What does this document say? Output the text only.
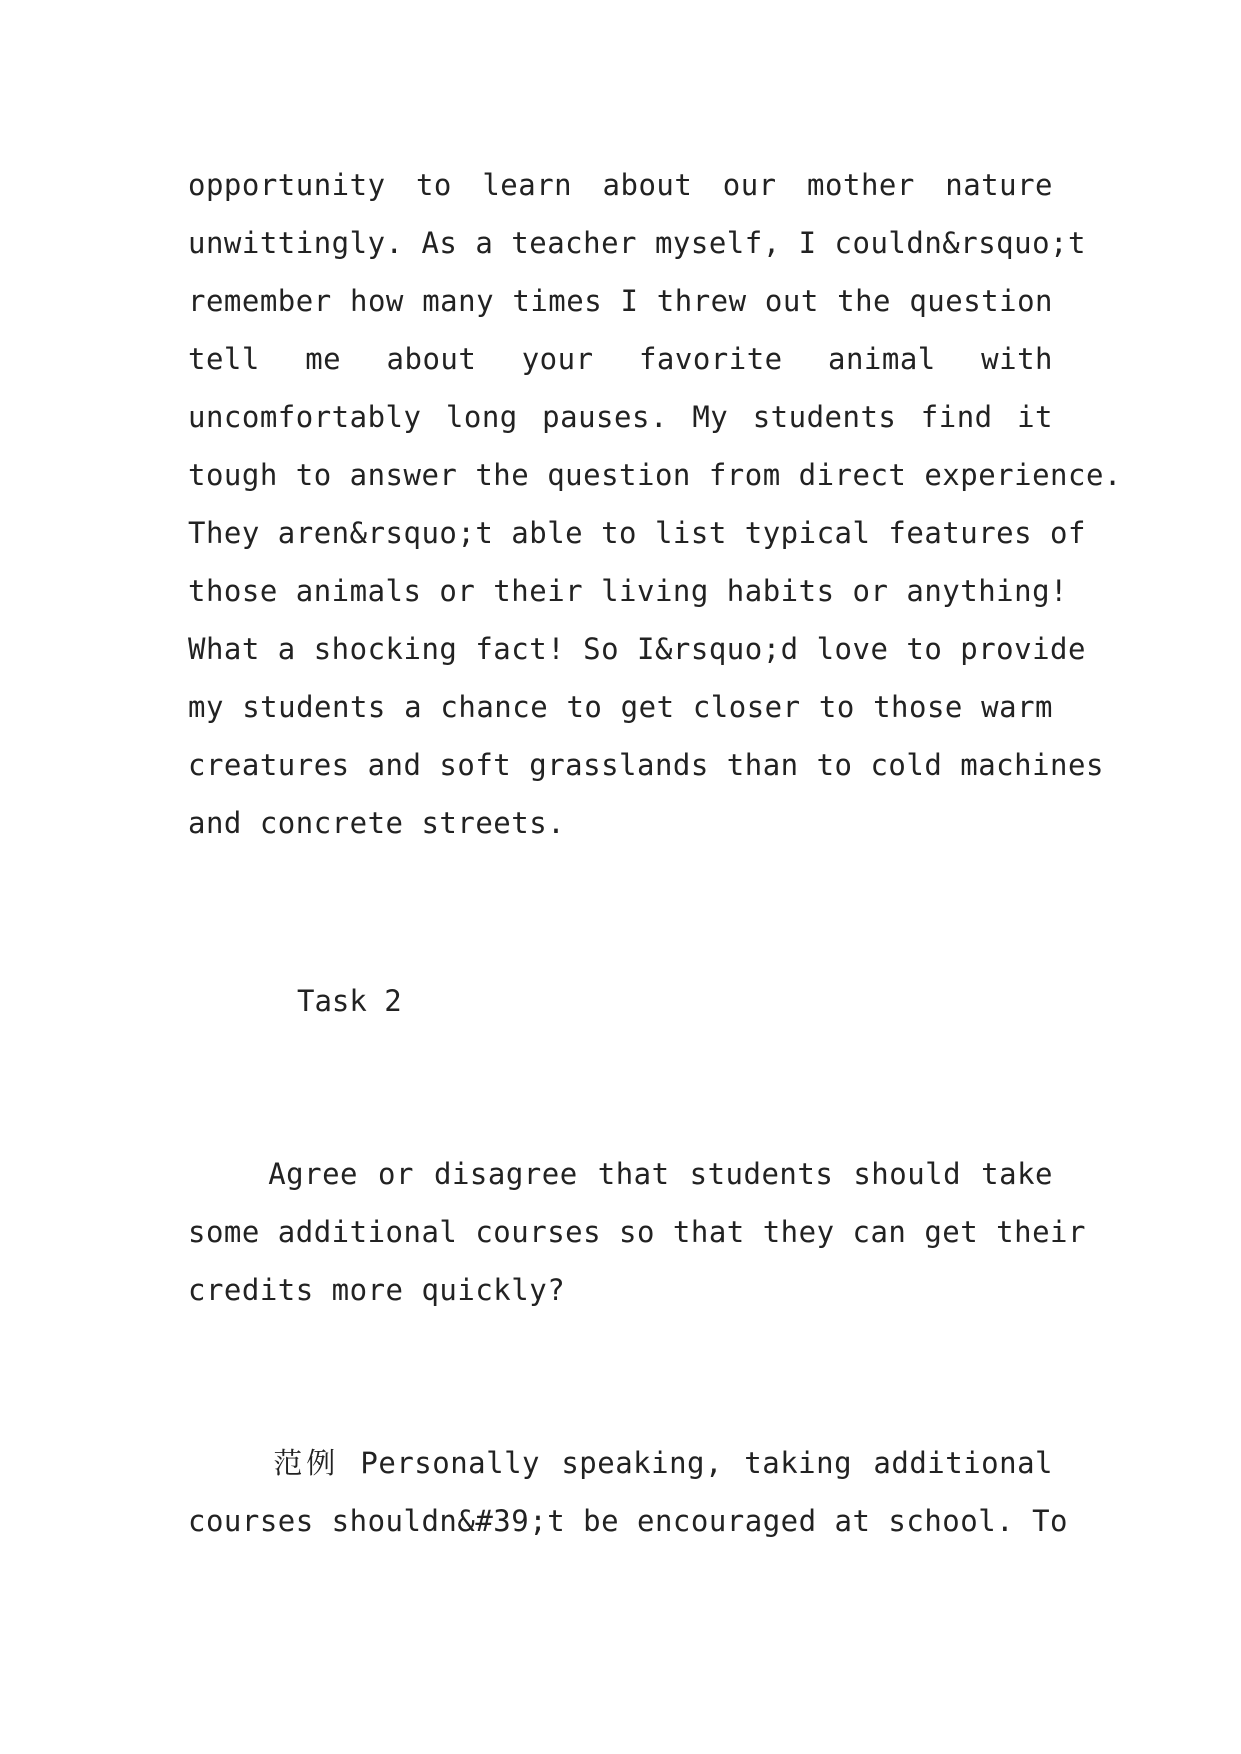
opportunity to learn about our mother nature
unwittingly. As a teacher myself, I couldn&rsquo;t
remember how many times I threw out the question
tell me about your favorite animal with
uncomfortably long pauses. My students find it
tough to answer the question from direct experience.
They aren&rsquo;t able to list typical features of
those animals or their living habits or anything!
What a shocking fact! So I&rsquo;d love to provide
my students a chance to get closer to those warm
creatures and soft grasslands than to cold machines
and concrete streets.
Task 2
Agree or disagree that students should take
some additional courses so that they can get their
credits more quickly?
范例 Personally speaking, taking additional
courses shouldn&#39;t be encouraged at school. To
